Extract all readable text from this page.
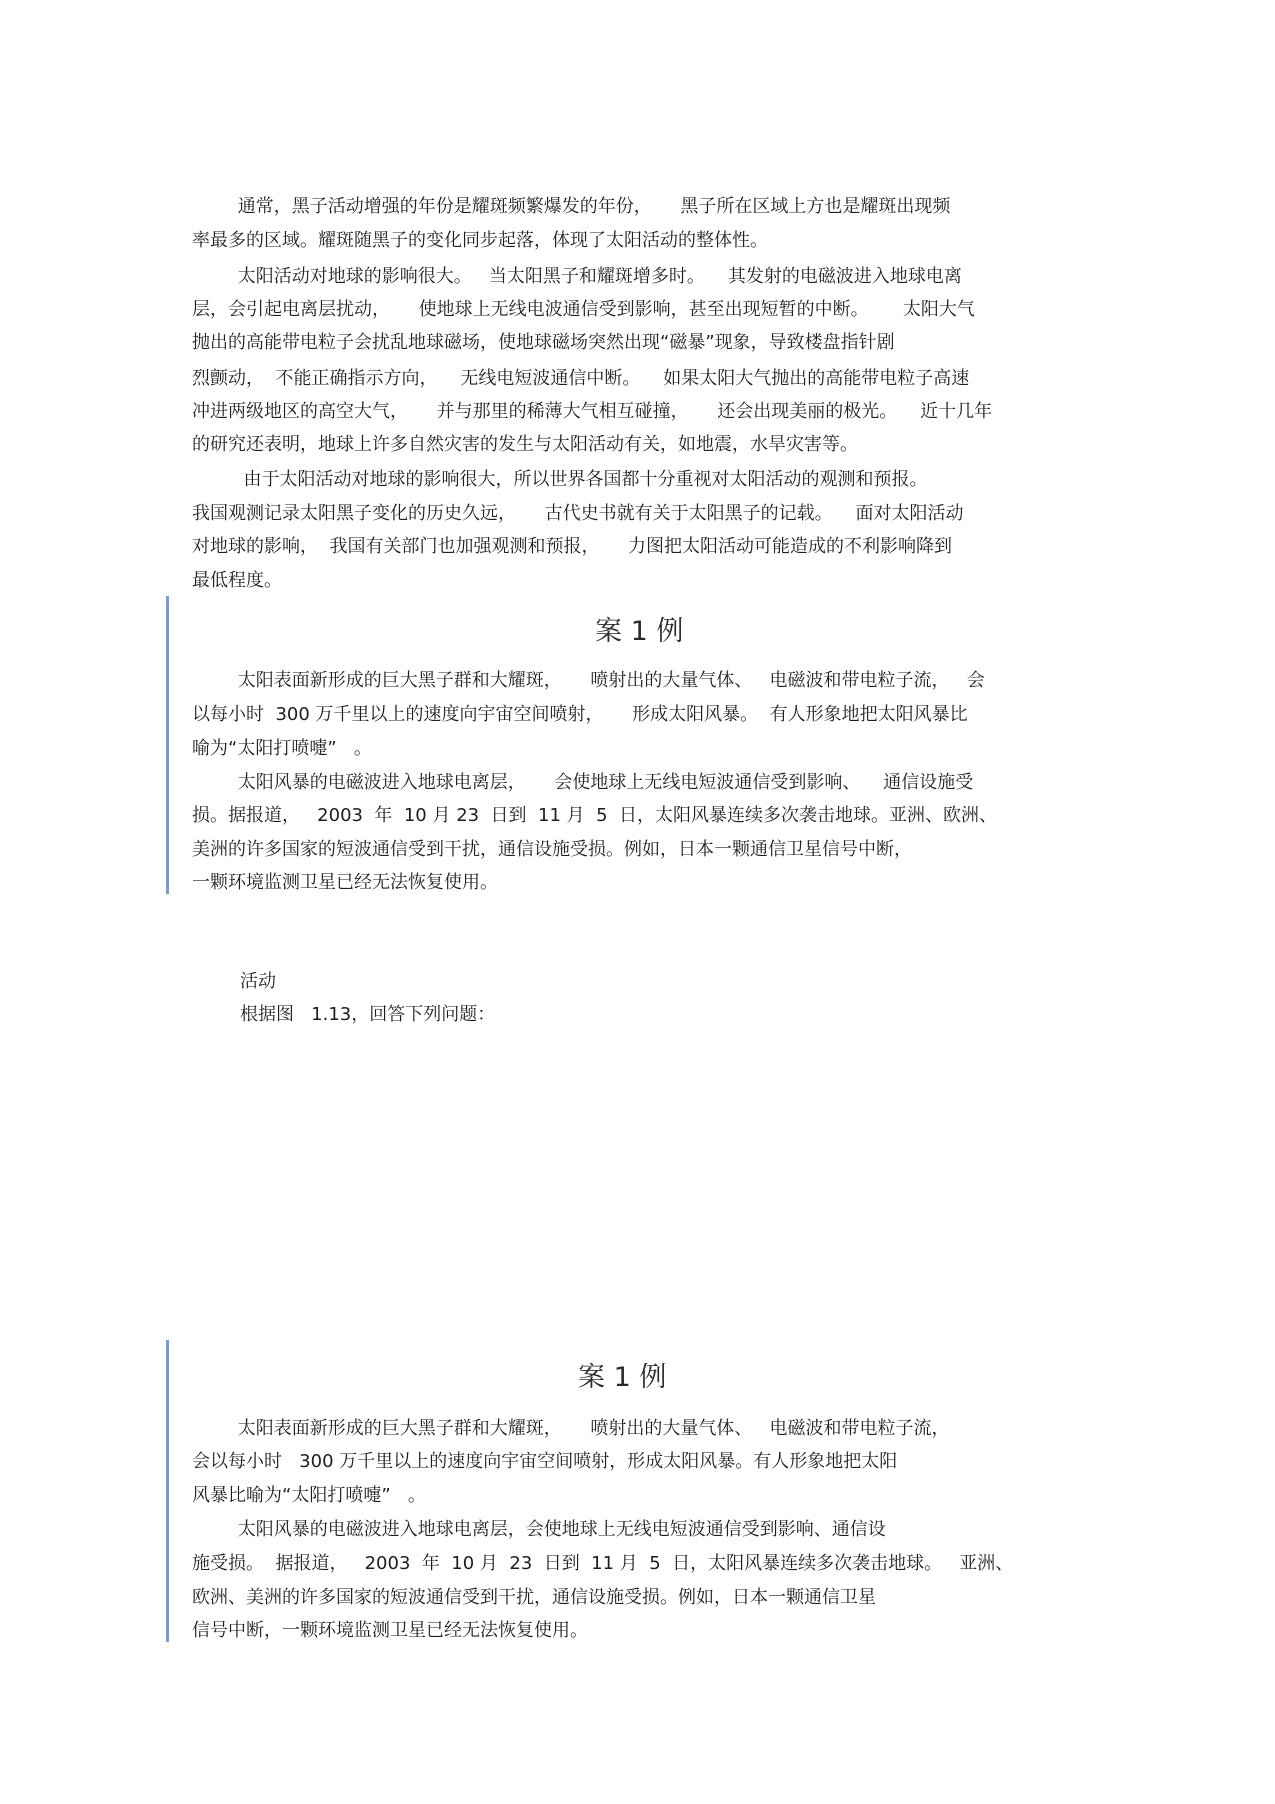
通常，黑子活动增强的年份是耀斑频繁爆发的年份，     黑子所在区域上方也是耀斑出现频
率最多的区域。耀斑随黑子的变化同步起落，体现了太阳活动的整体性。
太阳活动对地球的影响很大。   当太阳黑子和耀斑增多时。    其发射的电磁波进入地球电离
层，会引起电离层扰动，     使地球上无线电波通信受到影响，甚至出现短暂的中断。      太阳大气
抛出的高能带电粒子会扰乱地球磁场，使地球磁场突然出现“磁暴”现象，导致楼盘指针剧
烈颤动，  不能正确指示方向，    无线电短波通信中断。    如果太阳大气抛出的高能带电粒子高速
冲进两级地区的高空大气，     并与那里的稀薄大气相互碰撞，     还会出现美丽的极光。    近十几年
的研究还表明，地球上许多自然灾害的发生与太阳活动有关，如地震，水旱灾害等。
由于太阳活动对地球的影响很大，所以世界各国都十分重视对太阳活动的观测和预报。
我国观测记录太阳黑子变化的历史久远，     古代史书就有关于太阳黑子的记载。    面对太阳活动
对地球的影响，  我国有关部门也加强观测和预报，     力图把太阳活动可能造成的不利影响降到
最低程度。
案 1 例
太阳表面新形成的巨大黑子群和大耀斑，     喷射出的大量气体、   电磁波和带电粒子流，   会
以每小时  300 万千里以上的速度向宇宙空间喷射，     形成太阳风暴。  有人形象地把太阳风暴比
喻为“太阳打喷嚏”   。
太阳风暴的电磁波进入地球电离层，     会使地球上无线电短波通信受到影响、    通信设施受
损。据报道，   2003  年  10 月 23  日到  11 月  5  日，太阳风暴连续多次袭击地球。亚洲、欧洲、
美洲的许多国家的短波通信受到干扰，通信设施受损。例如，日本一颗通信卫星信号中断，
一颗环境监测卫星已经无法恢复使用。
活动
根据图   1.13，回答下列问题：
案 1 例
太阳表面新形成的巨大黑子群和大耀斑，     喷射出的大量气体、   电磁波和带电粒子流，
会以每小时   300 万千里以上的速度向宇宙空间喷射，形成太阳风暴。有人形象地把太阳
风暴比喻为“太阳打喷嚏”   。
太阳风暴的电磁波进入地球电离层，会使地球上无线电短波通信受到影响、通信设
施受损。  据报道，   2003  年  10 月  23  日到  11 月  5  日，太阳风暴连续多次袭击地球。   亚洲、
欧洲、美洲的许多国家的短波通信受到干扰，通信设施受损。例如，日本一颗通信卫星
信号中断，一颗环境监测卫星已经无法恢复使用。
